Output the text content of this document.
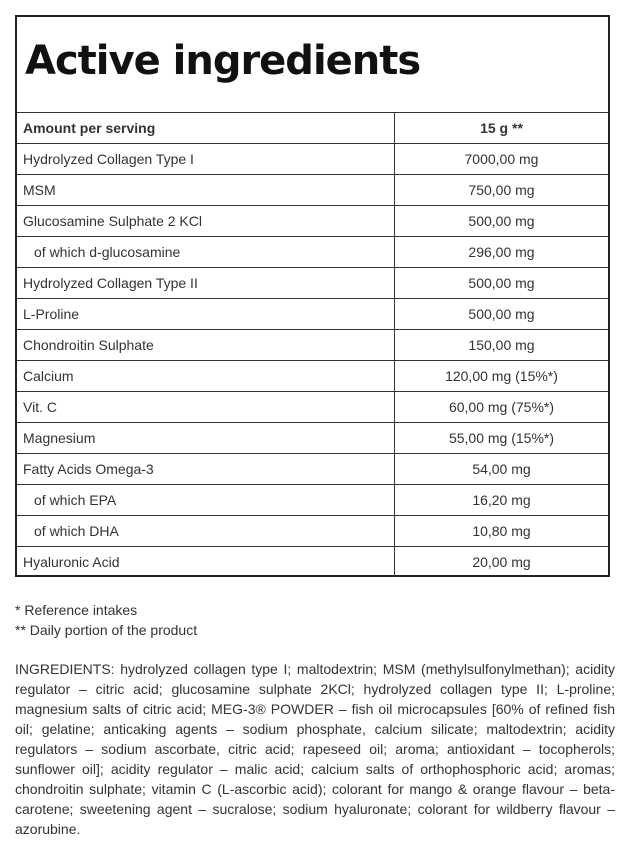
Active ingredients
Amount per serving	15 g **
Hydrolyzed Collagen Type I	7000,00 mg
MSM	750,00 mg
Glucosamine Sulphate 2 KCl	500,00 mg
of which d-glucosamine	296,00 mg
Hydrolyzed Collagen Type II	500,00 mg
L-Proline	500,00 mg
Chondroitin Sulphate	150,00 mg
Calcium	120,00 mg (15%*)
Vit. C	60,00 mg (75%*)
Magnesium	55,00 mg (15%*)
Fatty Acids Omega-3	54,00 mg
of which EPA	16,20 mg
of which DHA	10,80 mg
Hyaluronic Acid	20,00 mg
* Reference intakes
** Daily portion of the product

INGREDIENTS: hydrolyzed collagen type I; maltodextrin; MSM (methylsulfonylmethan); acidity regulator – citric acid; glucosamine sulphate 2KCl; hydrolyzed collagen type II; L-proline; magnesium salts of citric acid; MEG-3® POWDER – fish oil microcapsules [60% of refined fish oil; gelatine; anticaking agents – sodium phosphate, calcium silicate; maltodextrin; acidity regulators – sodium ascorbate, citric acid; rapeseed oil; aroma; antioxidant – tocopherols; sunflower oil]; acidity regulator – malic acid; calcium salts of orthophosphoric acid; aromas; chondroitin sulphate; vitamin C (L-ascorbic acid); colorant for mango & orange flavour – beta-carotene; sweetening agent – sucralose; sodium hyaluronate; colorant for wildberry flavour – azorubine.
